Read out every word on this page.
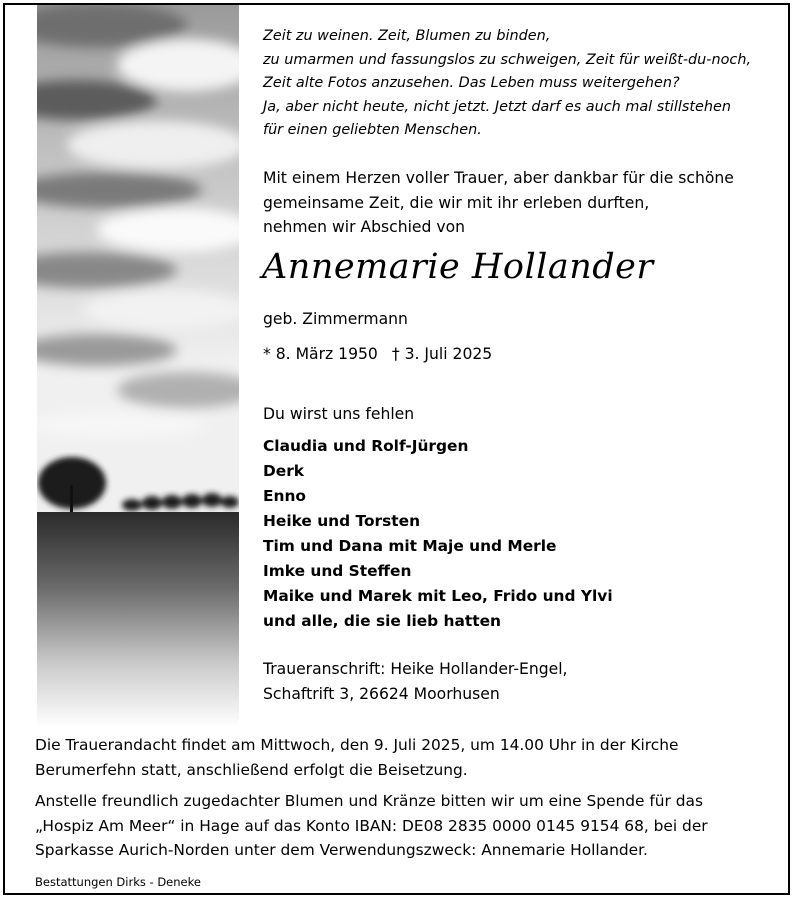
Zeit zu weinen. Zeit, Blumen zu binden,
zu umarmen und fassungslos zu schweigen, Zeit für weißt-du-noch,
Zeit alte Fotos anzusehen. Das Leben muss weitergehen?
Ja, aber nicht heute, nicht jetzt. Jetzt darf es auch mal stillstehen
für einen geliebten Menschen.
Mit einem Herzen voller Trauer, aber dankbar für die schöne
gemeinsame Zeit, die wir mit ihr erleben durften,
nehmen wir Abschied von
Annemarie Hollander
geb. Zimmermann
* 8. März 1950 † 3. Juli 2025
Du wirst uns fehlen
Claudia und Rolf-Jürgen
Derk
Enno
Heike und Torsten
Tim und Dana mit Maje und Merle
Imke und Steffen
Maike und Marek mit Leo, Frido und Ylvi
und alle, die sie lieb hatten
Traueranschrift: Heike Hollander-Engel,
Schaftrift 3, 26624 Moorhusen

Die Trauerandacht findet am Mittwoch, den 9. Juli 2025, um 14.00 Uhr in der Kirche
Berumerfehn statt, anschließend erfolgt die Beisetzung.

Anstelle freundlich zugedachter Blumen und Kränze bitten wir um eine Spende für das
„Hospiz Am Meer“ in Hage auf das Konto IBAN: DE08 2835 0000 0145 9154 68, bei der
Sparkasse Aurich-Norden unter dem Verwendungszweck: Annemarie Hollander.

Bestattungen Dirks - Deneke
